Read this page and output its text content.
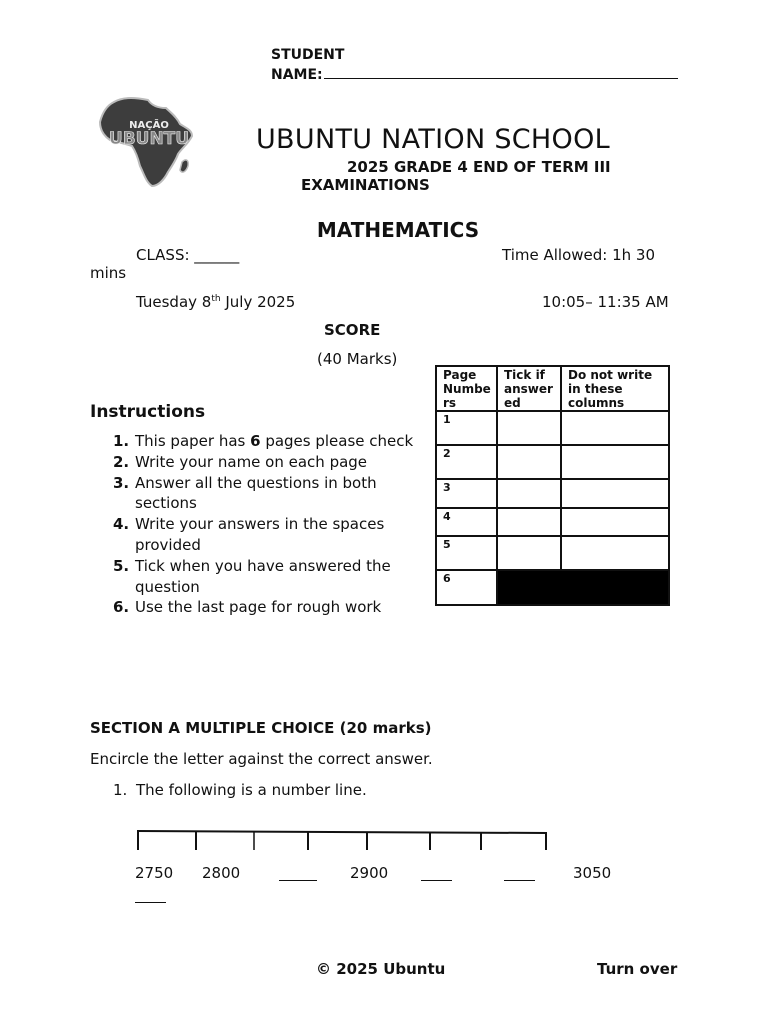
STUDENT
NAME:
NAÇÃO
UBUNTU UBUNTU NATION SCHOOL
2025 GRADE 4 END OF TERM III
EXAMINATIONS
MATHEMATICS
CLASS: ______	Time Allowed: 1h 30
mins
Tuesday 8th July 2025	10:05– 11:35 AM
SCORE
(40 Marks)
Page Numbe rs	Tick if answer ed	Do not write in these columns
1		
2		
3		
4		
5		
6		
Instructions
1. This paper has 6 pages please check
2. Write your name on each page
3. Answer all the questions in both sections
4. Write your answers in the spaces provided
5. Tick when you have answered the question
6. Use the last page for rough work
SECTION A MULTIPLE CHOICE (20 marks)
Encircle the letter against the correct answer.
1. The following is a number line.
2750 2800	2900	3050
© 2025 Ubuntu	Turn over
